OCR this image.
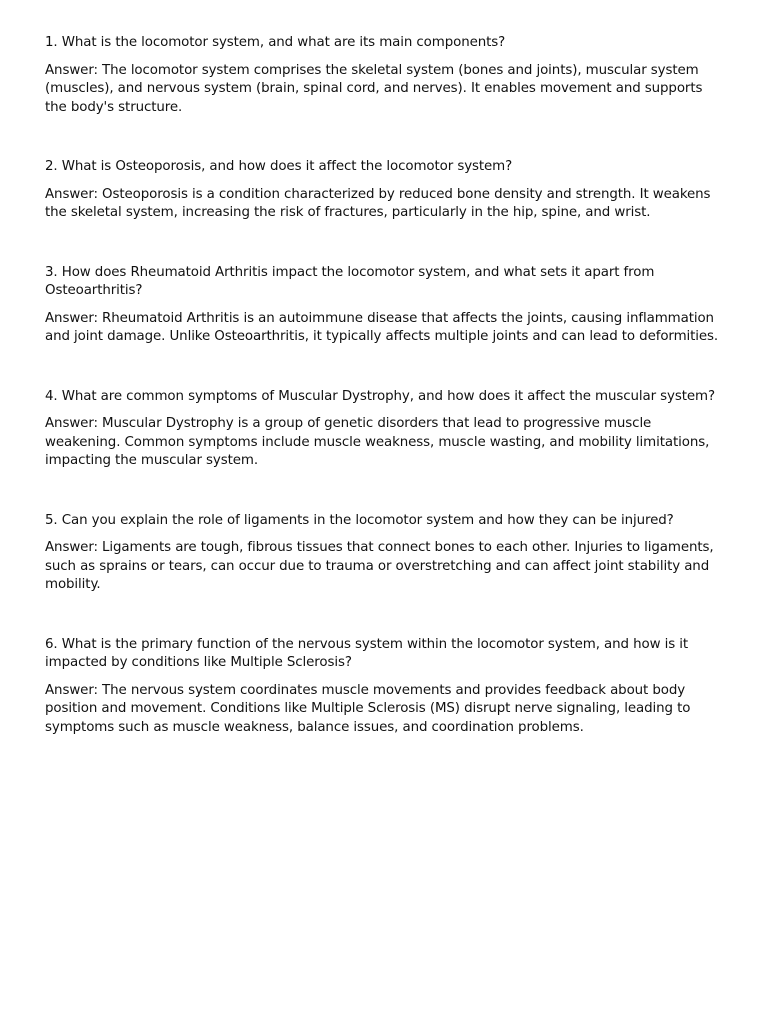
1. What is the locomotor system, and what are its main components?

Answer: The locomotor system comprises the skeletal system (bones and joints), muscular system (muscles), and nervous system (brain, spinal cord, and nerves). It enables movement and supports the body's structure.

2. What is Osteoporosis, and how does it affect the locomotor system?

Answer: Osteoporosis is a condition characterized by reduced bone density and strength. It weakens the skeletal system, increasing the risk of fractures, particularly in the hip, spine, and wrist.

3. How does Rheumatoid Arthritis impact the locomotor system, and what sets it apart from Osteoarthritis?

Answer: Rheumatoid Arthritis is an autoimmune disease that affects the joints, causing inflammation and joint damage. Unlike Osteoarthritis, it typically affects multiple joints and can lead to deformities.

4. What are common symptoms of Muscular Dystrophy, and how does it affect the muscular system?

Answer: Muscular Dystrophy is a group of genetic disorders that lead to progressive muscle weakening. Common symptoms include muscle weakness, muscle wasting, and mobility limitations, impacting the muscular system.

5. Can you explain the role of ligaments in the locomotor system and how they can be injured?

Answer: Ligaments are tough, fibrous tissues that connect bones to each other. Injuries to ligaments, such as sprains or tears, can occur due to trauma or overstretching and can affect joint stability and mobility.

6. What is the primary function of the nervous system within the locomotor system, and how is it impacted by conditions like Multiple Sclerosis?

Answer: The nervous system coordinates muscle movements and provides feedback about body position and movement. Conditions like Multiple Sclerosis (MS) disrupt nerve signaling, leading to symptoms such as muscle weakness, balance issues, and coordination problems.
